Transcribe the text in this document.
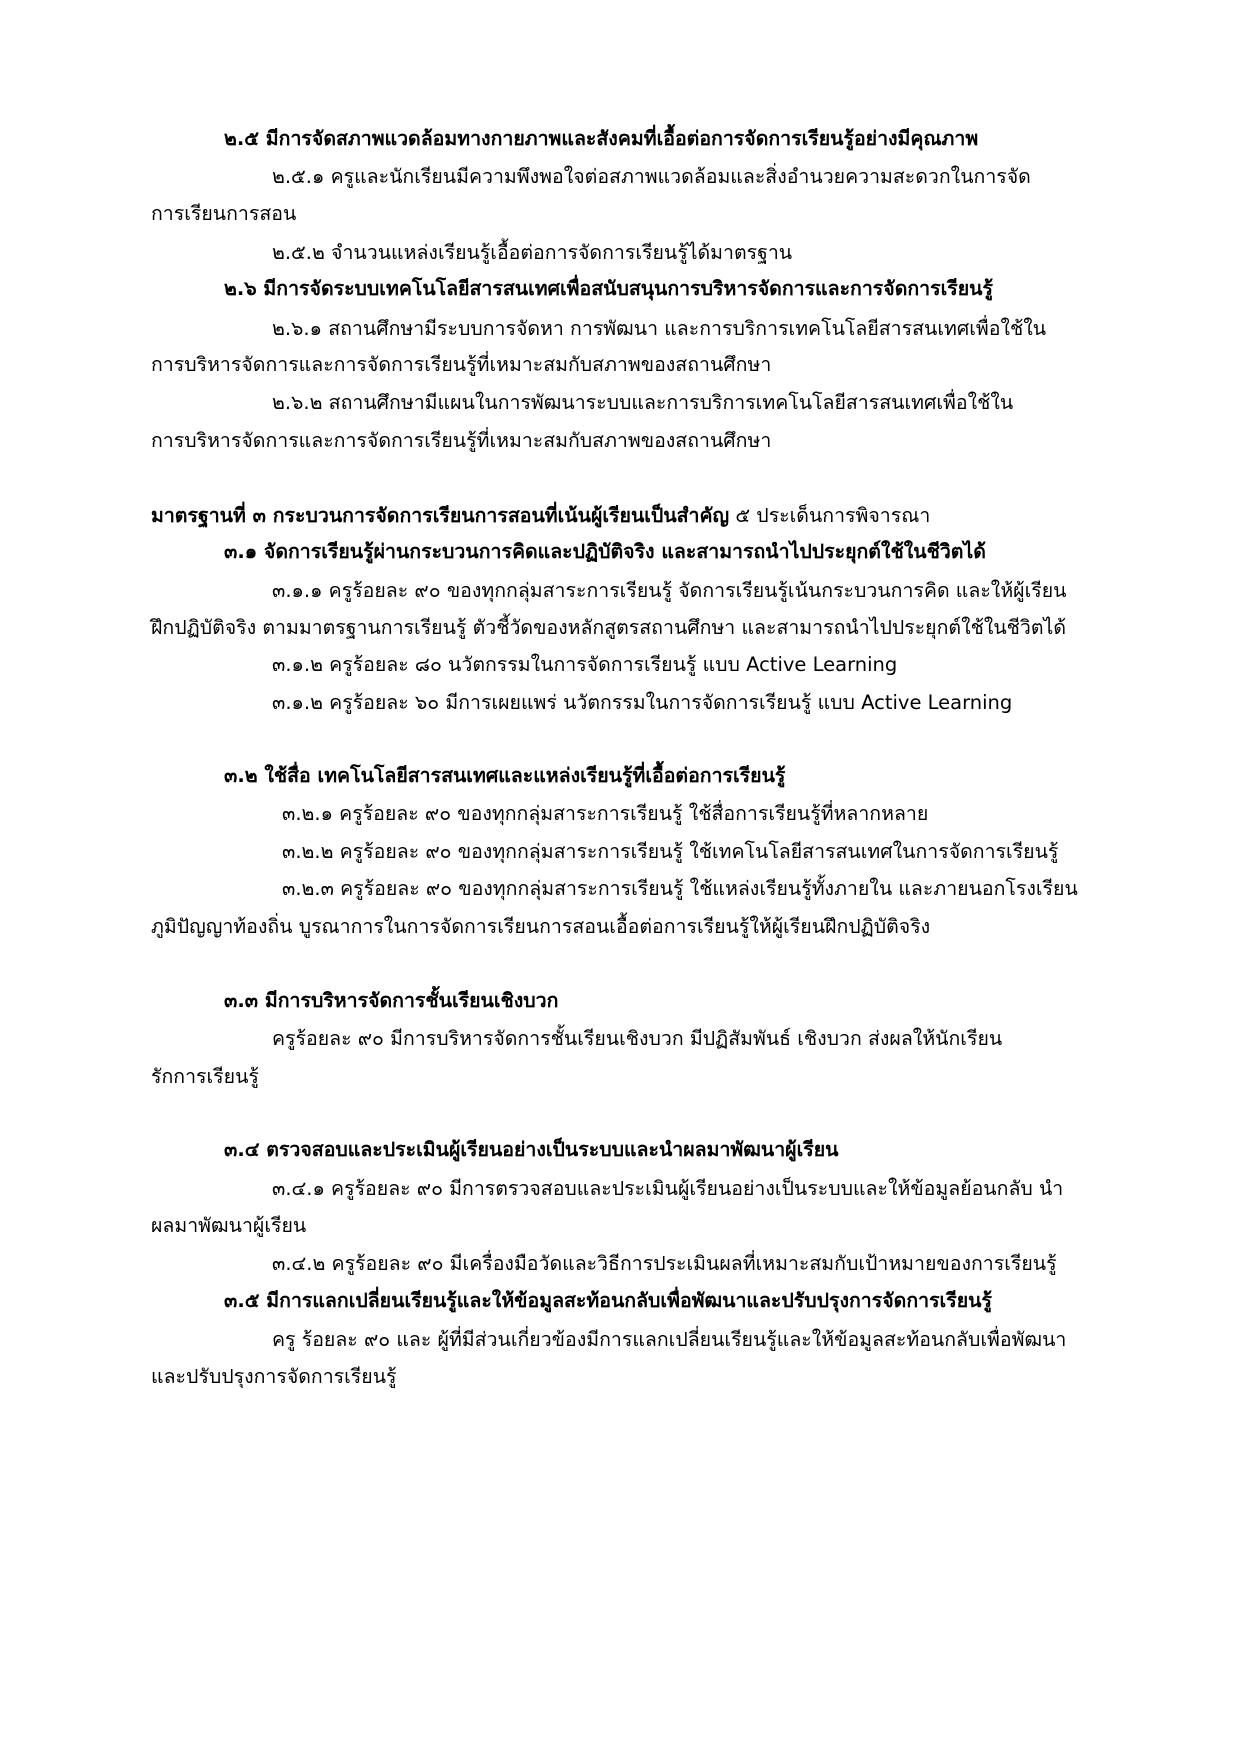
๒.๕ มีการจัดสภาพแวดล้อมทางกายภาพและสังคมที่เอื้อต่อการจัดการเรียนรู้อย่างมีคุณภาพ
๒.๕.๑ ครูและนักเรียนมีความพึงพอใจต่อสภาพแวดล้อมและสิ่งอำนวยความสะดวกในการจัด
การเรียนการสอน
๒.๕.๒ จำนวนแหล่งเรียนรู้เอื้อต่อการจัดการเรียนรู้ได้มาตรฐาน
๒.๖ มีการจัดระบบเทคโนโลยีสารสนเทศเพื่อสนับสนุนการบริหารจัดการและการจัดการเรียนรู้
๒.๖.๑ สถานศึกษามีระบบการจัดหา การพัฒนา และการบริการเทคโนโลยีสารสนเทศเพื่อใช้ใน
การบริหารจัดการและการจัดการเรียนรู้ที่เหมาะสมกับสภาพของสถานศึกษา
๒.๖.๒ สถานศึกษามีแผนในการพัฒนาระบบและการบริการเทคโนโลยีสารสนเทศเพื่อใช้ใน
การบริหารจัดการและการจัดการเรียนรู้ที่เหมาะสมกับสภาพของสถานศึกษา
มาตรฐานที่ ๓ กระบวนการจัดการเรียนการสอนที่เน้นผู้เรียนเป็นสำคัญ ๕ ประเด็นการพิจารณา
๓.๑ จัดการเรียนรู้ผ่านกระบวนการคิดและปฏิบัติจริง และสามารถนำไปประยุกต์ใช้ในชีวิตได้
๓.๑.๑ ครูร้อยละ ๙๐ ของทุกกลุ่มสาระการเรียนรู้ จัดการเรียนรู้เน้นกระบวนการคิด และให้ผู้เรียน
ฝึกปฏิบัติจริง ตามมาตรฐานการเรียนรู้ ตัวชี้วัดของหลักสูตรสถานศึกษา และสามารถนำไปประยุกต์ใช้ในชีวิตได้
๓.๑.๒ ครูร้อยละ ๘๐ นวัตกรรมในการจัดการเรียนรู้ แบบ Active Learning
๓.๑.๒ ครูร้อยละ ๖๐ มีการเผยแพร่ นวัตกรรมในการจัดการเรียนรู้ แบบ Active Learning
๓.๒ ใช้สื่อ เทคโนโลยีสารสนเทศและแหล่งเรียนรู้ที่เอื้อต่อการเรียนรู้
๓.๒.๑ ครูร้อยละ ๙๐ ของทุกกลุ่มสาระการเรียนรู้ ใช้สื่อการเรียนรู้ที่หลากหลาย
๓.๒.๒ ครูร้อยละ ๙๐ ของทุกกลุ่มสาระการเรียนรู้ ใช้เทคโนโลยีสารสนเทศในการจัดการเรียนรู้
๓.๒.๓ ครูร้อยละ ๙๐ ของทุกกลุ่มสาระการเรียนรู้ ใช้แหล่งเรียนรู้ทั้งภายใน และภายนอกโรงเรียน
ภูมิปัญญาท้องถิ่น บูรณาการในการจัดการเรียนการสอนเอื้อต่อการเรียนรู้ให้ผู้เรียนฝึกปฏิบัติจริง
๓.๓ มีการบริหารจัดการชั้นเรียนเชิงบวก
ครูร้อยละ ๙๐ มีการบริหารจัดการชั้นเรียนเชิงบวก มีปฏิสัมพันธ์ เชิงบวก ส่งผลให้นักเรียน
รักการเรียนรู้
๓.๔ ตรวจสอบและประเมินผู้เรียนอย่างเป็นระบบและนำผลมาพัฒนาผู้เรียน
๓.๔.๑ ครูร้อยละ ๙๐ มีการตรวจสอบและประเมินผู้เรียนอย่างเป็นระบบและให้ข้อมูลย้อนกลับ นำ
ผลมาพัฒนาผู้เรียน
๓.๔.๒ ครูร้อยละ ๙๐ มีเครื่องมือวัดและวิธีการประเมินผลที่เหมาะสมกับเป้าหมายของการเรียนรู้
๓.๕ มีการแลกเปลี่ยนเรียนรู้และให้ข้อมูลสะท้อนกลับเพื่อพัฒนาและปรับปรุงการจัดการเรียนรู้
ครู ร้อยละ ๙๐ และ ผู้ที่มีส่วนเกี่ยวข้องมีการแลกเปลี่ยนเรียนรู้และให้ข้อมูลสะท้อนกลับเพื่อพัฒนา
และปรับปรุงการจัดการเรียนรู้
